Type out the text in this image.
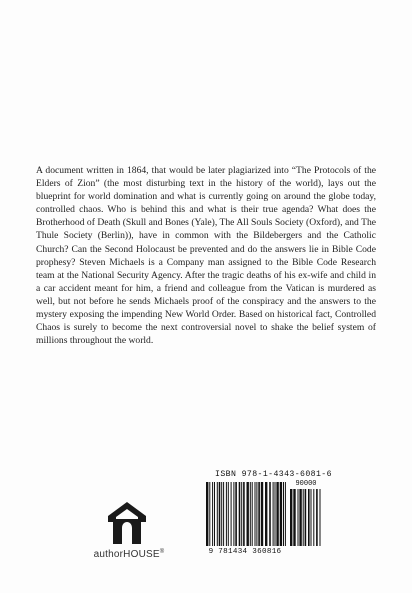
A document written in 1864, that would be later plagiarized into “The Protocols of the Elders of Zion” (the most disturbing text in the history of the world), lays out the blueprint for world domination and what is currently going on around the globe today, controlled chaos. Who is behind this and what is their true agenda? What does the Brotherhood of Death (Skull and Bones (Yale), The All Souls Society (Oxford), and The Thule Society (Berlin)), have in common with the Bildebergers and the Catholic Church? Can the Second Holocaust be prevented and do the answers lie in Bible Code prophesy? Steven Michaels is a Company man assigned to the Bible Code Research team at the National Security Agency. After the tragic deaths of his ex-wife and child in a car accident meant for him, a friend and colleague from the Vatican is murdered as well, but not before he sends Michaels proof of the conspiracy and the answers to the mystery exposing the impending New World Order. Based on historical fact, Controlled Chaos is surely to become the next controversial novel to shake the belief system of millions throughout the world.
authorHOUSE®
ISBN 978-1-4343-6081-6
90000
9 781434 360816
